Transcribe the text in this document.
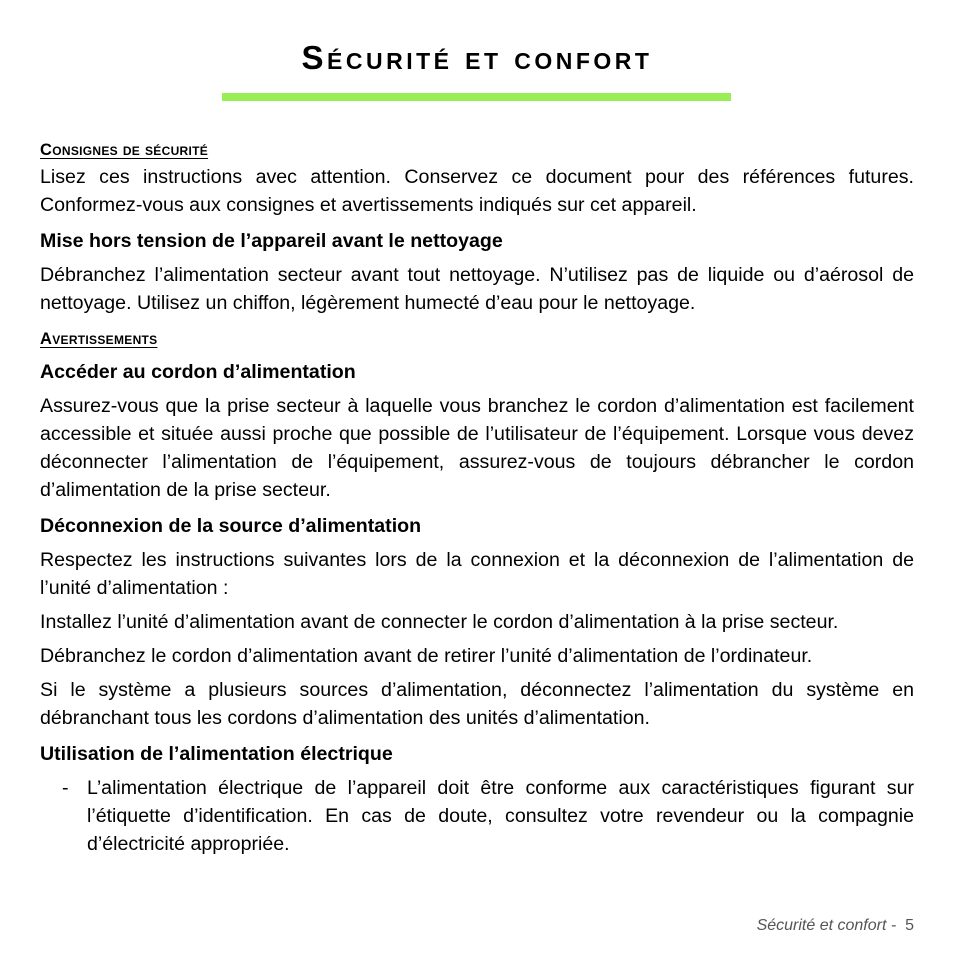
Sécurité et confort
Consignes de sécurité

Lisez ces instructions avec attention. Conservez ce document pour des références futures. Conformez-vous aux consignes et avertissements indiqués sur cet appareil.

Mise hors tension de l’appareil avant le nettoyage

Débranchez l’alimentation secteur avant tout nettoyage. N’utilisez pas de liquide ou d’aérosol de nettoyage. Utilisez un chiffon, légèrement humecté d’eau pour le nettoyage.

Avertissements
Accéder au cordon d’alimentation

Assurez-vous que la prise secteur à laquelle vous branchez le cordon d’alimentation est facilement accessible et située aussi proche que possible de l’utilisateur de l’équipement. Lorsque vous devez déconnecter l’alimentation de l’équipement, assurez-vous de toujours débrancher le cordon d’alimentation de la prise secteur.

Déconnexion de la source d’alimentation

Respectez les instructions suivantes lors de la connexion et la déconnexion de l’alimentation de l’unité d’alimentation :

Installez l’unité d’alimentation avant de connecter le cordon d’alimentation à la prise secteur.

Débranchez le cordon d’alimentation avant de retirer l’unité d’alimentation de l’ordinateur.

Si le système a plusieurs sources d’alimentation, déconnectez l’alimentation du système en débranchant tous les cordons d’alimentation des unités d’alimentation.

Utilisation de l’alimentation électrique
- L’alimentation électrique de l’appareil doit être conforme aux caractéristiques figurant sur l’étiquette d’identification. En cas de doute, consultez votre revendeur ou la compagnie d’électricité appropriée.
Sécurité et confort - 5
